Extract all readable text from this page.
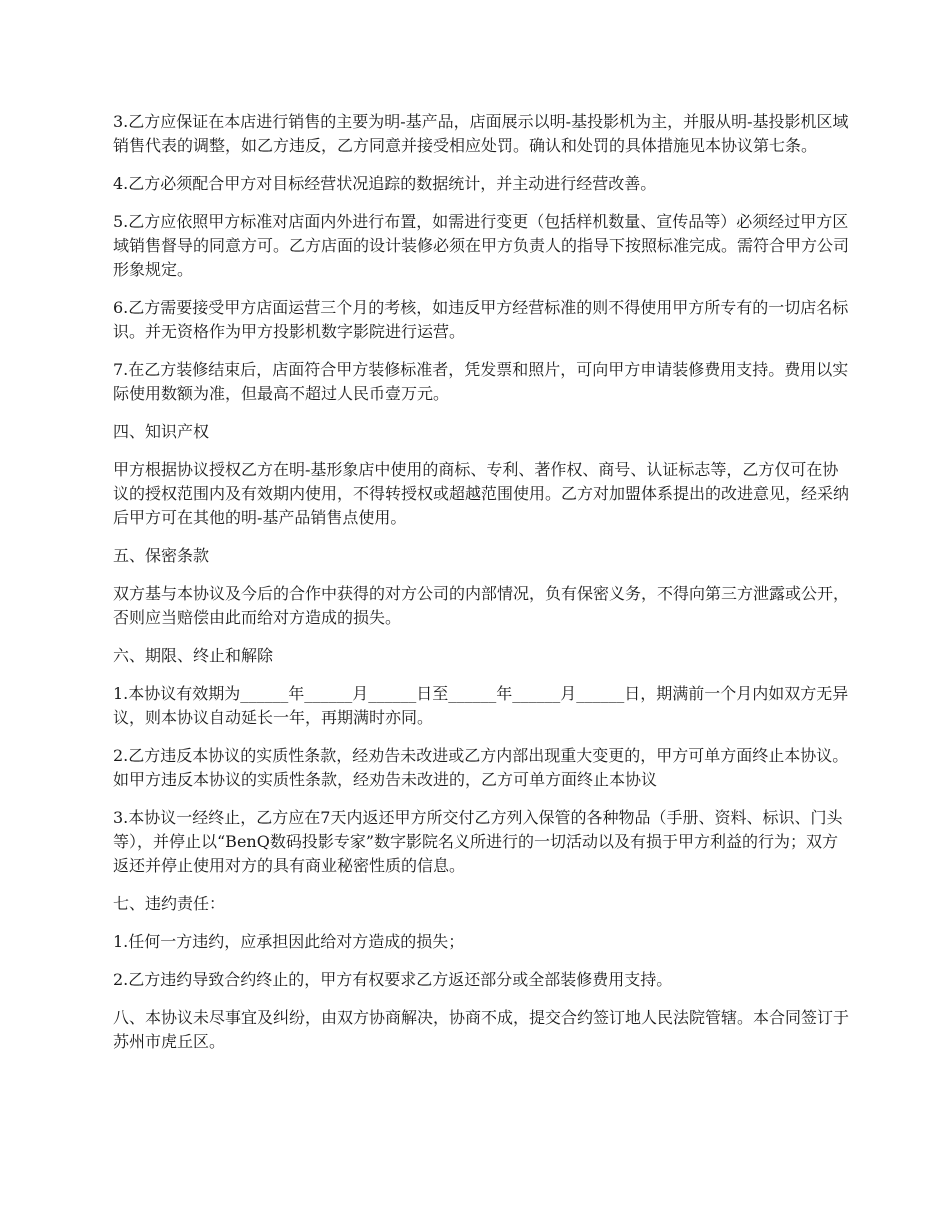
3.乙方应保证在本店进行销售的主要为明-基产品，店面展示以明-基投影机为主，并服从明-基投影机区域销售代表的调整，如乙方违反，乙方同意并接受相应处罚。确认和处罚的具体措施见本协议第七条。

4.乙方必须配合甲方对目标经营状况追踪的数据统计，并主动进行经营改善。

5.乙方应依照甲方标准对店面内外进行布置，如需进行变更（包括样机数量、宣传品等）必须经过甲方区域销售督导的同意方可。乙方店面的设计装修必须在甲方负责人的指导下按照标准完成。需符合甲方公司形象规定。

6.乙方需要接受甲方店面运营三个月的考核，如违反甲方经营标准的则不得使用甲方所专有的一切店名标识。并无资格作为甲方投影机数字影院进行运营。

7.在乙方装修结束后，店面符合甲方装修标准者，凭发票和照片，可向甲方申请装修费用支持。费用以实际使用数额为准，但最高不超过人民币壹万元。

四、知识产权

甲方根据协议授权乙方在明-基形象店中使用的商标、专利、著作权、商号、认证标志等，乙方仅可在协议的授权范围内及有效期内使用，不得转授权或超越范围使用。乙方对加盟体系提出的改进意见，经采纳后甲方可在其他的明-基产品销售点使用。

五、保密条款

双方基与本协议及今后的合作中获得的对方公司的内部情况，负有保密义务，不得向第三方泄露或公开，否则应当赔偿由此而给对方造成的损失。

六、期限、终止和解除

1.本协议有效期为______年______月______日至______年______月______日，期满前一个月内如双方无异议，则本协议自动延长一年，再期满时亦同。

2.乙方违反本协议的实质性条款，经劝告未改进或乙方内部出现重大变更的，甲方可单方面终止本协议。如甲方违反本协议的实质性条款，经劝告未改进的，乙方可单方面终止本协议

3.本协议一经终止，乙方应在7天内返还甲方所交付乙方列入保管的各种物品（手册、资料、标识、门头等），并停止以“BenQ数码投影专家”数字影院名义所进行的一切活动以及有损于甲方利益的行为；双方返还并停止使用对方的具有商业秘密性质的信息。

七、违约责任：

1.任何一方违约，应承担因此给对方造成的损失；

2.乙方违约导致合约终止的，甲方有权要求乙方返还部分或全部装修费用支持。

八、本协议未尽事宜及纠纷，由双方协商解决，协商不成，提交合约签订地人民法院管辖。本合同签订于苏州市虎丘区。
